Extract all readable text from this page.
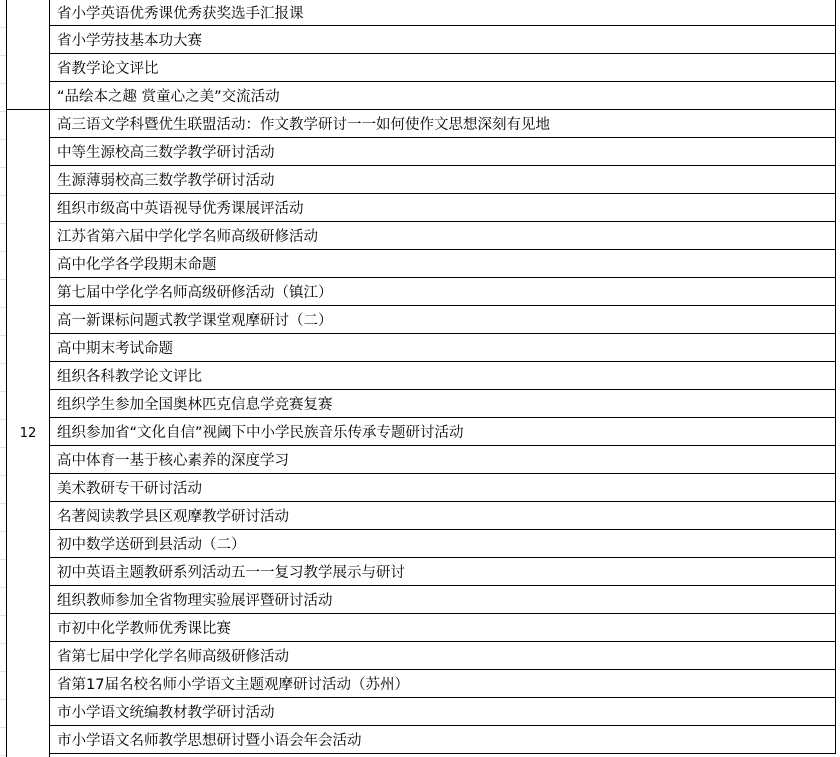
12
省小学英语优秀课优秀获奖选手汇报课
省小学劳技基本功大赛
省教学论文评比
“品绘本之趣 赏童心之美”交流活动
高三语文学科暨优生联盟活动：作文教学研讨一一如何使作文思想深刻有见地
中等生源校高三数学教学研讨活动
生源薄弱校高三数学教学研讨活动
组织市级高中英语视导优秀课展评活动
江苏省第六届中学化学名师高级研修活动
高中化学各学段期末命题
第七届中学化学名师高级研修活动（镇江）
高一新课标问题式教学课堂观摩研讨（二）
高中期末考试命题
组织各科教学论文评比
组织学生参加全国奥林匹克信息学竞赛复赛
组织参加省“文化自信”视阈下中小学民族音乐传承专题研讨活动
高中体育一基于核心素养的深度学习
美术教研专干研讨活动
名著阅读教学县区观摩教学研讨活动
初中数学送研到县活动（二）
初中英语主题教研系列活动五一一复习教学展示与研讨
组织教师参加全省物理实验展评暨研讨活动
市初中化学教师优秀课比赛
省第七届中学化学名师高级研修活动
省第17届名校名师小学语文主题观摩研讨活动（苏州）
市小学语文统编教材教学研讨活动
市小学语文名师教学思想研讨暨小语会年会活动
